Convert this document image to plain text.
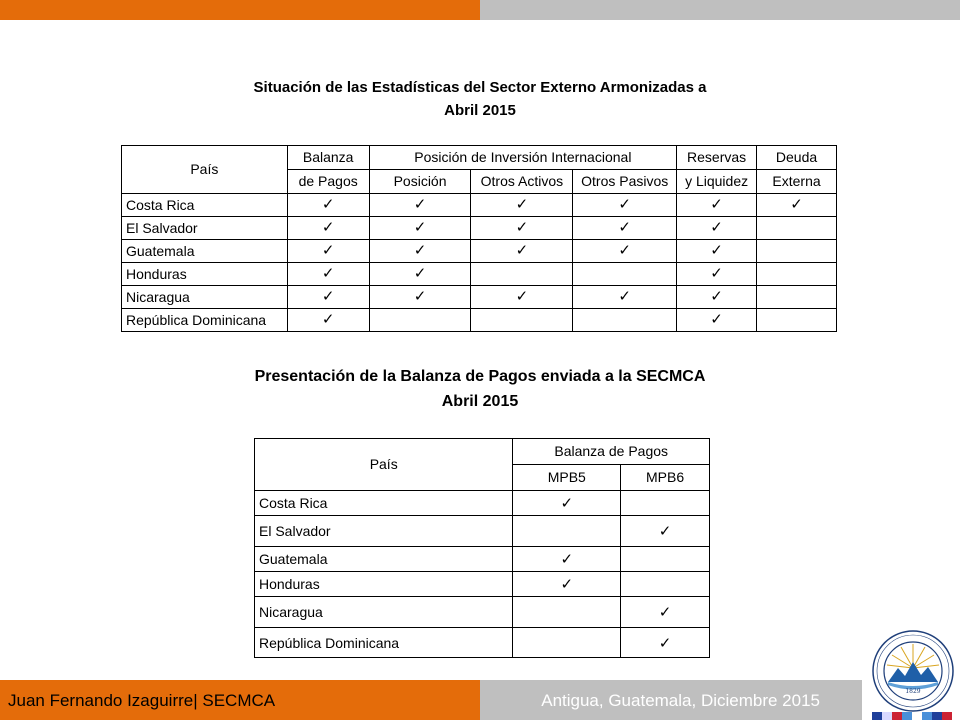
Situación de las Estadísticas del Sector Externo Armonizadas a
Abril 2015
País	Balanza	Posición de Inversión Internacional			Reservas	Deuda
	de Pagos	Posición	Otros Activos	Otros Pasivos	y Liquidez	Externa
Costa Rica	✓	✓	✓	✓	✓	✓
El Salvador	✓	✓	✓	✓	✓	
Guatemala	✓	✓	✓	✓	✓	
Honduras	✓	✓			✓	
Nicaragua	✓	✓	✓	✓	✓	
República Dominicana	✓				✓	
Presentación de la Balanza de Pagos enviada a la SECMCA
Abril 2015
País	Balanza de Pagos	
	MPB5	MPB6
Costa Rica	✓	
El Salvador		✓
Guatemala	✓	
Honduras	✓	
Nicaragua		✓
República Dominicana		✓
Juan Fernando Izaguirre| SECMCA	Antigua, Guatemala, Diciembre 2015	1829
